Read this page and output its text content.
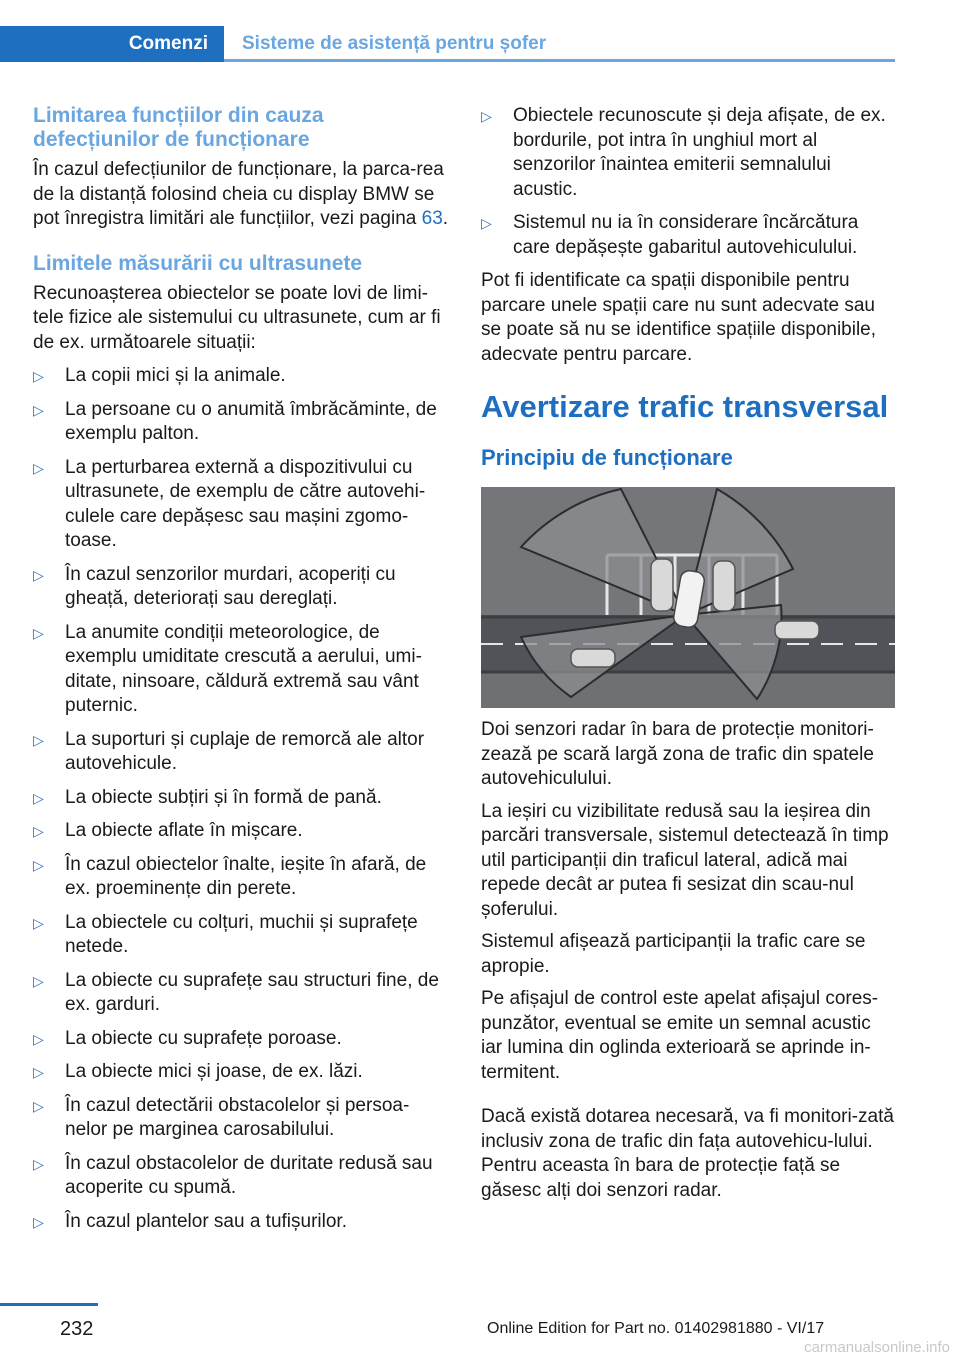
Comenzi	Sisteme de asistență pentru șofer
Limitarea funcțiilor din cauza defecțiunilor de funcționare

În cazul defecțiunilor de funcționare, la parca-rea de la distanță folosind cheia cu display BMW se pot înregistra limitări ale funcțiilor, vezi pagina 63.

Limitele măsurării cu ultrasunete

Recunoașterea obiectelor se poate lovi de limi-tele fizice ale sistemului cu ultrasunete, cum ar fi de ex. următoarele situații:

▷ La copii mici și la animale.
▷ La persoane cu o anumită îmbrăcăminte, de exemplu palton.
▷ La perturbarea externă a dispozitivului cu ultrasunete, de exemplu de către autovehi-culele care depășesc sau mașini zgomo-toase.
▷ În cazul senzorilor murdari, acoperiți cu gheață, deteriorați sau dereglați.
▷ La anumite condiții meteorologice, de exemplu umiditate crescută a aerului, umi-ditate, ninsoare, căldură extremă sau vânt puternic.
▷ La suporturi și cuplaje de remorcă ale altor autovehicule.
▷ La obiecte subțiri și în formă de pană.
▷ La obiecte aflate în mișcare.
▷ În cazul obiectelor înalte, ieșite în afară, de ex. proeminențe din perete.
▷ La obiectele cu colțuri, muchii și suprafețe netede.
▷ La obiecte cu suprafețe sau structuri fine, de ex. garduri.
▷ La obiecte cu suprafețe poroase.
▷ La obiecte mici și joase, de ex. lăzi.
▷ În cazul detectării obstacolelor și persoa-nelor pe marginea carosabilului.
▷ În cazul obstacolelor de duritate redusă sau acoperite cu spumă.
▷ În cazul plantelor sau a tufișurilor.
▷ Obiectele recunoscute și deja afișate, de ex. bordurile, pot intra în unghiul mort al senzorilor înaintea emiterii semnalului acustic.
▷ Sistemul nu ia în considerare încărcătura care depășește gabaritul autovehiculului.

Pot fi identificate ca spații disponibile pentru parcare unele spații care nu sunt adecvate sau se poate să nu se identifice spațiile disponibile, adecvate pentru parcare.

Avertizare trafic transversal
Principiu de funcționare

Doi senzori radar în bara de protecție monitori-zează pe scară largă zona de trafic din spatele autovehiculului.

La ieșiri cu vizibilitate redusă sau la ieșirea din parcări transversale, sistemul detectează în timp util participanții din traficul lateral, adică mai repede decât ar putea fi sesizat din scau-nul șoferului.

Sistemul afișează participanții la trafic care se apropie.

Pe afișajul de control este apelat afișajul cores-punzător, eventual se emite un semnal acustic iar lumina din oglinda exterioară se aprinde in-termitent.

Dacă există dotarea necesară, va fi monitori-zată inclusiv zona de trafic din fața autovehicu-lului. Pentru aceasta în bara de protecție față se găsesc alți doi senzori radar.

232	Online Edition for Part no. 01402981880 - VI/17
carmanualsonline.info
